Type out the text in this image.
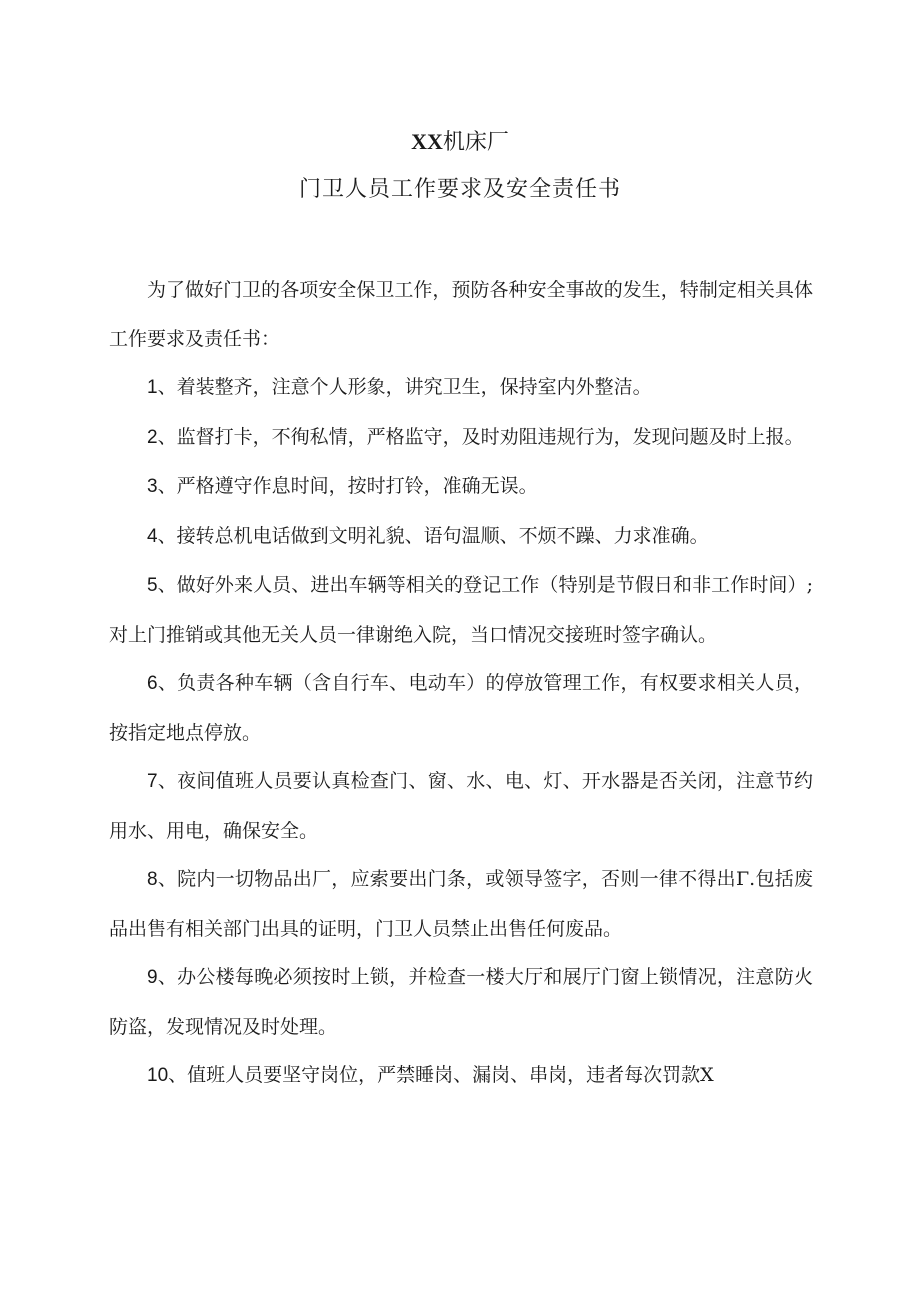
XX机床厂
门卫人员工作要求及安全责任书

为了做好门卫的各项安全保卫工作，预防各种安全事故的发生，特制定相关具体工作要求及责任书：

1、着装整齐，注意个人形象，讲究卫生，保持室内外整洁。

2、监督打卡，不徇私情，严格监守，及时劝阻违规行为，发现问题及时上报。

3、严格遵守作息时间，按时打铃，准确无误。

4、接转总机电话做到文明礼貌、语句温顺、不烦不躁、力求准确。

5、做好外来人员、进出车辆等相关的登记工作（特别是节假日和非工作时间）;对上门推销或其他无关人员一律谢绝入院，当口情况交接班时签字确认。

6、负责各种车辆（含自行车、电动车）的停放管理工作，有权要求相关人员，按指定地点停放。

7、夜间值班人员要认真检查门、窗、水、电、灯、开水器是否关闭，注意节约用水、用电，确保安全。

8、院内一切物品出厂，应索要出门条，或领导签字，否则一律不得出Γ.包括废品出售有相关部门出具的证明，门卫人员禁止出售任何废品。

9、办公楼每晚必须按时上锁，并检查一楼大厅和展厅门窗上锁情况，注意防火防盗，发现情况及时处理。

10、值班人员要坚守岗位，严禁睡岗、漏岗、串岗，违者每次罚款X
